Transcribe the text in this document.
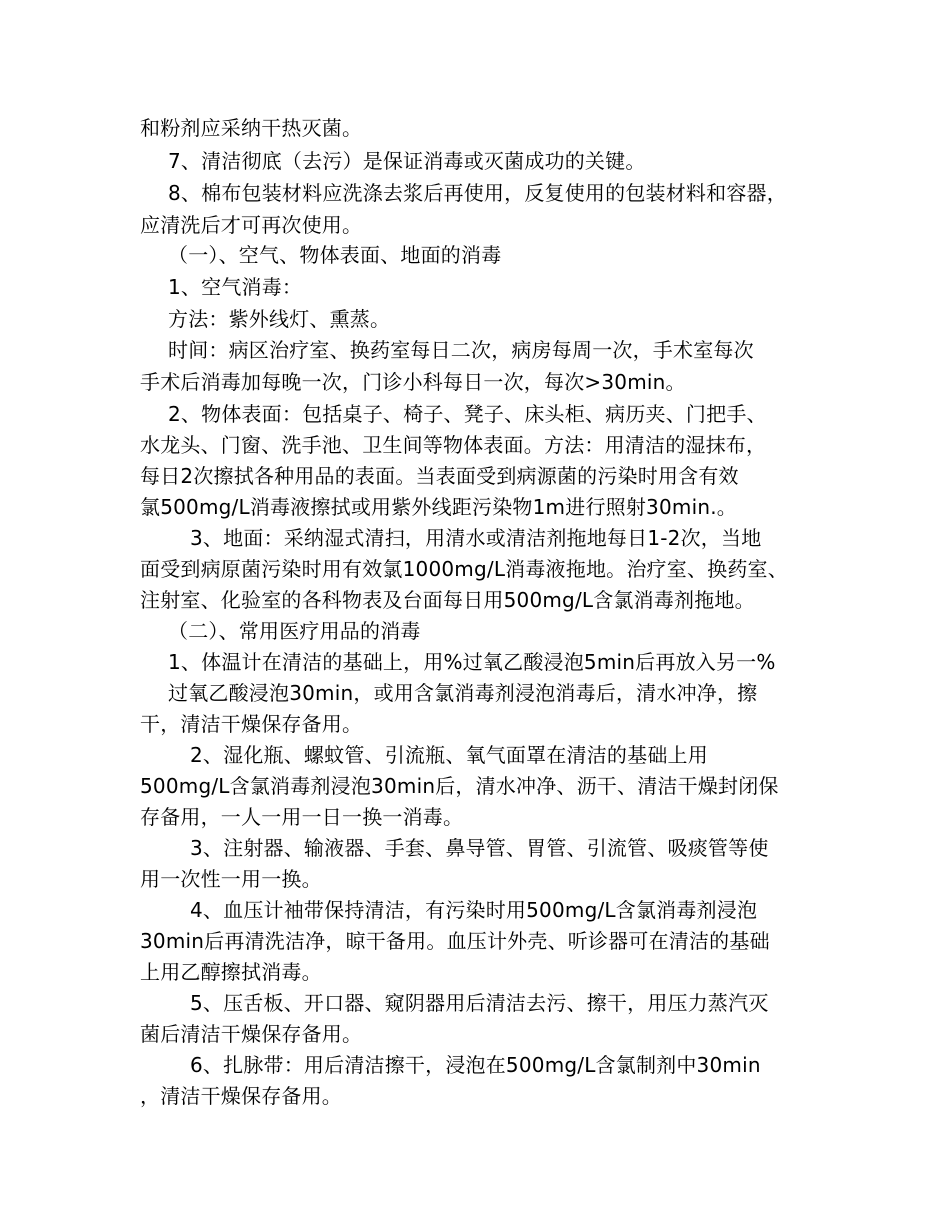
和粉剂应采纳干热灭菌。
7、清洁彻底（去污）是保证消毒或灭菌成功的关键。
8、棉布包装材料应洗涤去浆后再使用，反复使用的包装材料和容器，
应清洗后才可再次使用。
（一）、空气、物体表面、地面的消毒
1、空气消毒：
方法：紫外线灯、熏蒸。
时间：病区治疗室、换药室每日二次，病房每周一次，手术室每次
手术后消毒加每晚一次，门诊小科每日一次，每次>30min。
2、物体表面：包括桌子、椅子、凳子、床头柜、病历夹、门把手、
水龙头、门窗、洗手池、卫生间等物体表面。方法：用清洁的湿抹布，
每日2次擦拭各种用品的表面。当表面受到病源菌的污染时用含有效
氯500mg/L消毒液擦拭或用紫外线距污染物1m进行照射30min.。
3、地面：采纳湿式清扫，用清水或清洁剂拖地每日1-2次，当地
面受到病原菌污染时用有效氯1000mg/L消毒液拖地。治疗室、换药室、
注射室、化验室的各科物表及台面每日用500mg/L含氯消毒剂拖地。
（二）、常用医疗用品的消毒
1、体温计在清洁的基础上，用%过氧乙酸浸泡5min后再放入另一%
过氧乙酸浸泡30min，或用含氯消毒剂浸泡消毒后，清水冲净，擦
干，清洁干燥保存备用。
2、湿化瓶、螺蚊管、引流瓶、氧气面罩在清洁的基础上用
500mg/L含氯消毒剂浸泡30min后，清水冲净、沥干、清洁干燥封闭保
存备用，一人一用一日一换一消毒。
3、注射器、输液器、手套、鼻导管、胃管、引流管、吸痰管等使
用一次性一用一换。
4、血压计袖带保持清洁，有污染时用500mg/L含氯消毒剂浸泡
30min后再清洗洁净，晾干备用。血压计外壳、听诊器可在清洁的基础
上用乙醇擦拭消毒。
5、压舌板、开口器、窥阴器用后清洁去污、擦干，用压力蒸汽灭
菌后清洁干燥保存备用。
6、扎脉带：用后清洁擦干，浸泡在500mg/L含氯制剂中30min
，清洁干燥保存备用。
